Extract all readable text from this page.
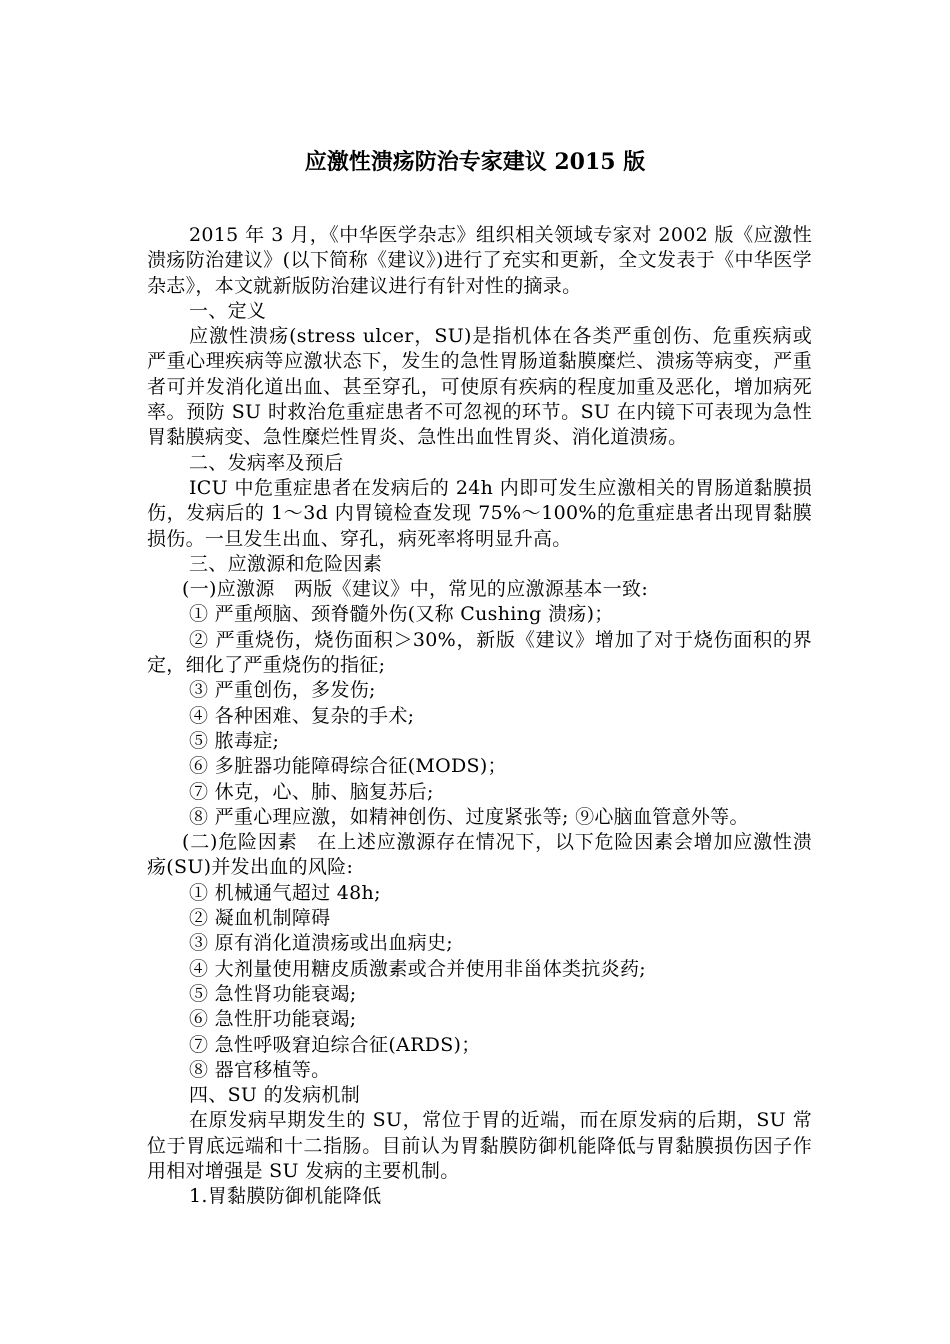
应激性溃疡防治专家建议 2015 版

2015 年 3 月，《中华医学杂志》组织相关领域专家对 2002 版《应激性溃疡防治建议》(以下简称《建议》)进行了充实和更新，全文发表于《中华医学杂志》，本文就新版防治建议进行有针对性的摘录。

一、定义

应激性溃疡(stress ulcer，SU)是指机体在各类严重创伤、危重疾病或严重心理疾病等应激状态下，发生的急性胃肠道黏膜糜烂、溃疡等病变，严重者可并发消化道出血、甚至穿孔，可使原有疾病的程度加重及恶化，增加病死率。预防 SU 时救治危重症患者不可忽视的环节。SU 在内镜下可表现为急性胃黏膜病变、急性糜烂性胃炎、急性出血性胃炎、消化道溃疡。

二、发病率及预后

ICU 中危重症患者在发病后的 24h 内即可发生应激相关的胃肠道黏膜损伤，发病后的 1～3d 内胃镜检查发现 75%～100%的危重症患者出现胃黏膜损伤。一旦发生出血、穿孔，病死率将明显升高。

三、应激源和危险因素

(一)应激源　两版《建议》中，常见的应激源基本一致:

① 严重颅脑、颈脊髓外伤(又称 Cushing 溃疡)；

② 严重烧伤，烧伤面积＞30%，新版《建议》增加了对于烧伤面积的界定，细化了严重烧伤的指征;

③ 严重创伤，多发伤;

④ 各种困难、复杂的手术;

⑤ 脓毒症;

⑥ 多脏器功能障碍综合征(MODS)；

⑦ 休克，心、肺、脑复苏后;

⑧ 严重心理应激，如精神创伤、过度紧张等; ⑨心脑血管意外等。

(二)危险因素　在上述应激源存在情况下，以下危险因素会增加应激性溃疡(SU)并发出血的风险:

① 机械通气超过 48h;

② 凝血机制障碍

③ 原有消化道溃疡或出血病史;

④ 大剂量使用糖皮质激素或合并使用非甾体类抗炎药;

⑤ 急性肾功能衰竭;

⑥ 急性肝功能衰竭;

⑦ 急性呼吸窘迫综合征(ARDS)；

⑧ 器官移植等。

四、SU 的发病机制

在原发病早期发生的 SU，常位于胃的近端，而在原发病的后期，SU 常位于胃底远端和十二指肠。目前认为胃黏膜防御机能降低与胃黏膜损伤因子作用相对增强是 SU 发病的主要机制。

1.胃黏膜防御机能降低
